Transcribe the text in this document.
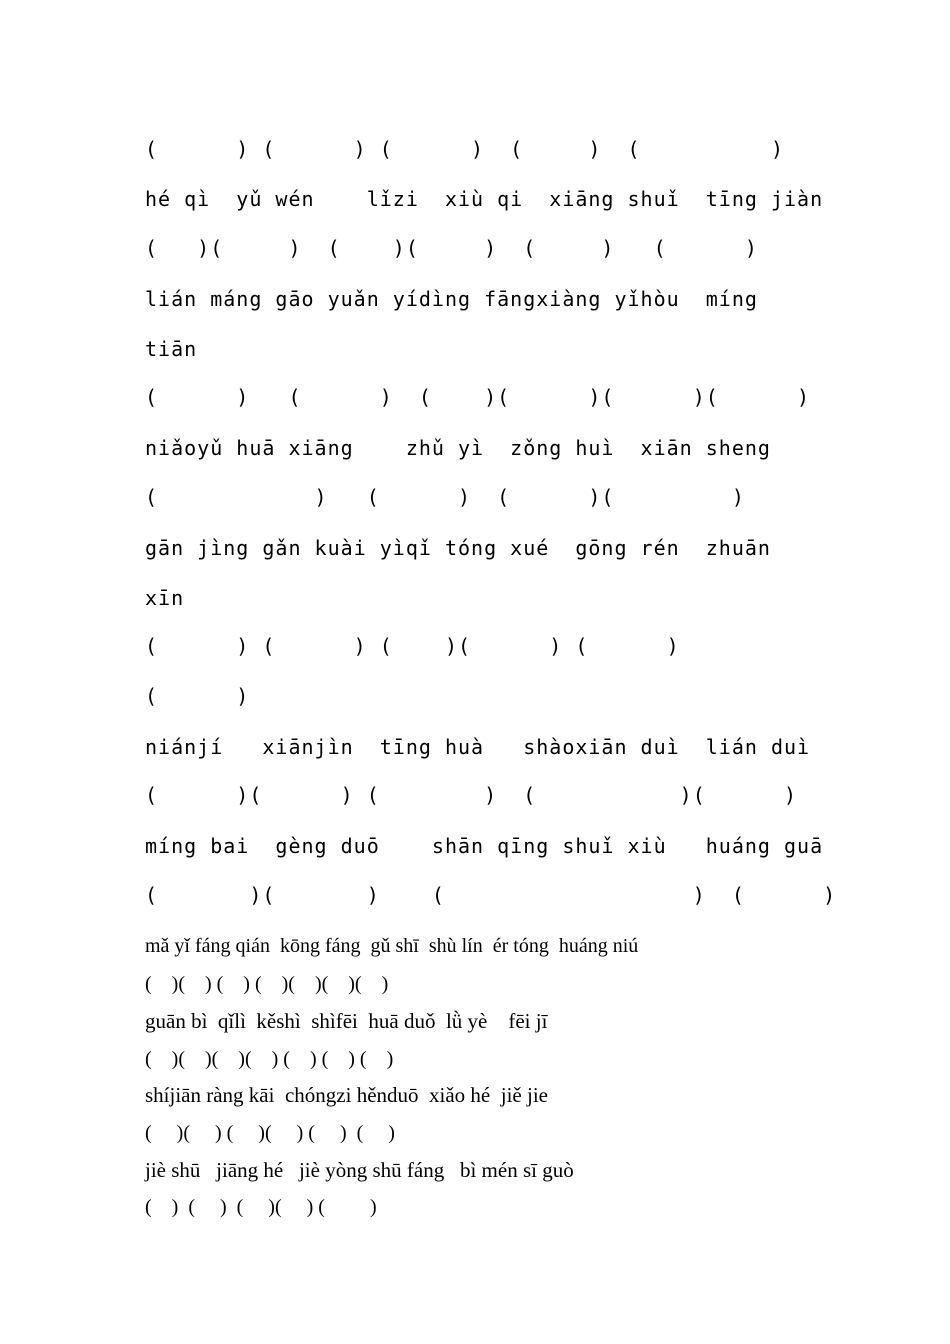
(      ) (      ) (      )  (     )  (          )

hé qì  yǔ wén    lǐzi  xiù qi  xiāng shuǐ  tīng jiàn

(   )(     )  (    )(     )  (     )   (      )

lián máng gāo yuǎn yídìng fāngxiàng yǐhòu  míng

tiān

(      )   (      )  (    )(      )(      )(      )

niǎoyǔ huā xiāng    zhǔ yì  zǒng huì  xiān sheng

(            )   (      )  (      )(         )

gān jìng gǎn kuài yìqǐ tóng xué  gōng rén  zhuān

xīn

(      ) (      ) (    )(      ) (      )

(      )

niánjí   xiānjìn  tīng huà   shàoxiān duì  lián duì

(      )(      ) (        )  (           )(      )

míng bai  gèng duō    shān qīng shuǐ xiù   huáng guā

(       )(       )    (                   )  (      )

mǎ yǐ fáng qián  kōng fáng  gǔ shī  shù lín  ér tóng  huáng niú

(    )(    ) (    ) (    )(    )(    )(    )

guān bì  qǐlì  kěshì  shìfēi  huā duǒ  lǜ yè    fēi jī

(    )(    )(    )(    ) (    ) (    ) (    )

shíjiān ràng kāi  chóngzi hěnduō  xiǎo hé  jiě jie

(     )(     ) (     )(     ) (     )  (     )

jiè shū   jiāng hé   jiè yòng shū fáng   bì mén sī guò

(    )  (     )  (     )(     ) (         )
